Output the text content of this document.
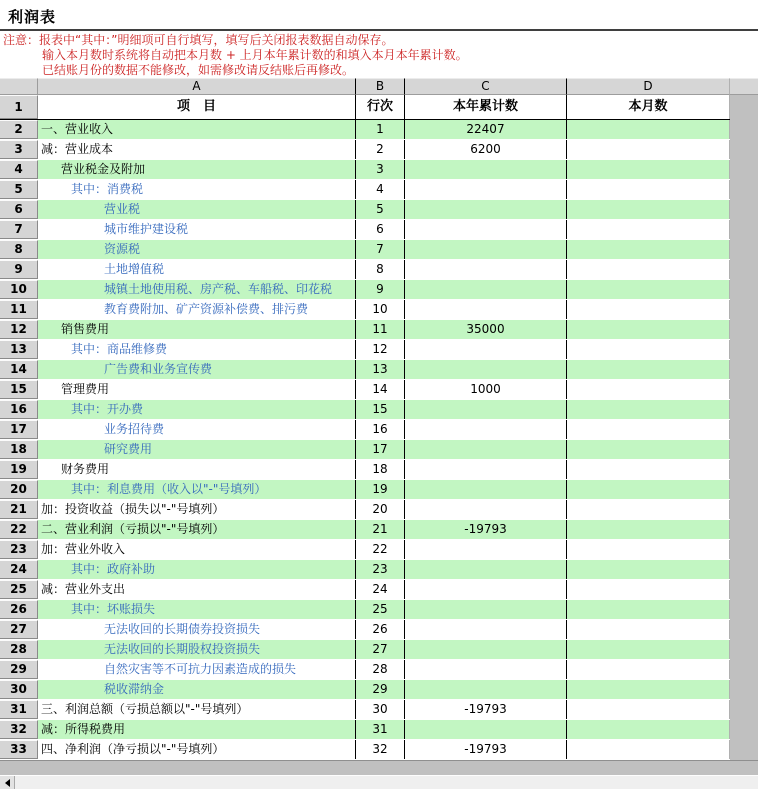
利润表
注意：报表中“其中：”明细项可自行填写，填写后关闭报表数据自动保存。
输入本月数时系统将自动把本月数 + 上月本年累计数的和填入本月本年累计数。
已结账月份的数据不能修改，如需修改请反结账后再修改。
A	B	C	D
1	项　目	行次	本年累计数	本月数
2	一、营业收入	1	22407
3	减：营业成本	2	6200
4	营业税金及附加	3
5	其中：消费税	4
6	营业税	5
7	城市维护建设税	6
8	资源税	7
9	土地增值税	8
10	城镇土地使用税、房产税、车船税、印花税	9
11	教育费附加、矿产资源补偿费、排污费	10
12	销售费用	11	35000
13	其中：商品维修费	12
14	广告费和业务宣传费	13
15	管理费用	14	1000
16	其中：开办费	15
17	业务招待费	16
18	研究费用	17
19	财务费用	18
20	其中：利息费用（收入以"-"号填列）	19
21	加：投资收益（损失以"-"号填列）	20
22	二、营业利润（亏损以"-"号填列）	21	-19793
23	加：营业外收入	22
24	其中：政府补助	23
25	减：营业外支出	24
26	其中：坏账损失	25
27	无法收回的长期债券投资损失	26
28	无法收回的长期股权投资损失	27
29	自然灾害等不可抗力因素造成的损失	28
30	税收滞纳金	29
31	三、利润总额（亏损总额以"-"号填列）	30	-19793
32	减：所得税费用	31
33	四、净利润（净亏损以"-"号填列）	32	-19793
